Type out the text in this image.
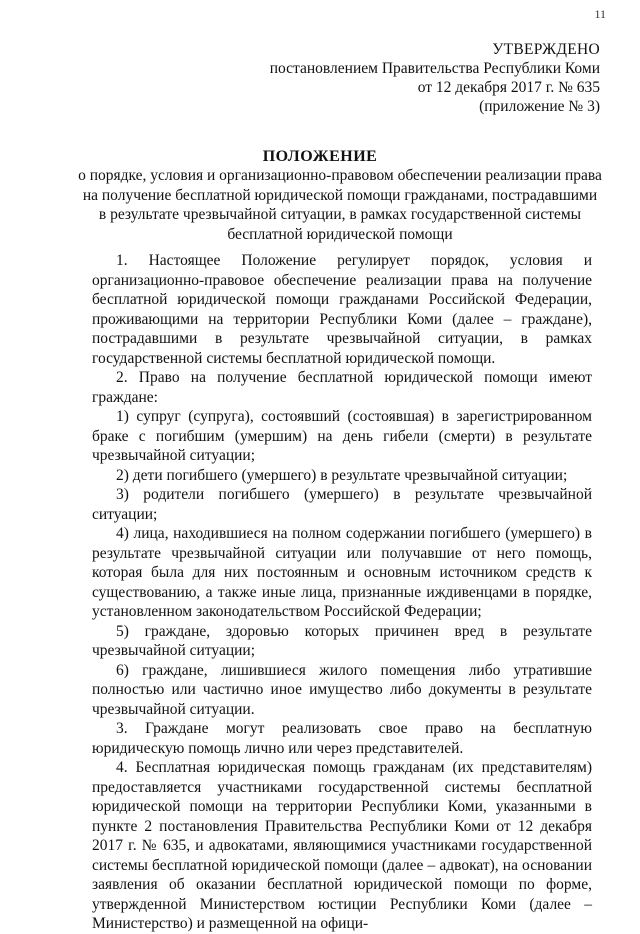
11
УТВЕРЖДЕНО
постановлением Правительства Республики Коми
от 12 декабря 2017 г. № 635
(приложение № 3)
ПОЛОЖЕНИЕ
о порядке, условия и организационно-правовом обеспечении реализации права
на получение бесплатной юридической помощи гражданами, пострадавшими
в результате чрезвычайной ситуации, в рамках государственной системы
бесплатной юридической помощи

1. Настоящее Положение регулирует порядок, условия и организационно-правовое обеспечение реализации права на получение бесплатной юридической помощи гражданами Российской Федерации, проживающими на территории Республики Коми (далее – граждане), пострадавшими в результате чрезвычайной ситуации, в рамках государственной системы бесплатной юридической помощи.

2. Право на получение бесплатной юридической помощи имеют граждане:

1) супруг (супруга), состоявший (состоявшая) в зарегистрированном браке с погибшим (умершим) на день гибели (смерти) в результате чрезвычайной ситуации;

2) дети погибшего (умершего) в результате чрезвычайной ситуации;

3) родители погибшего (умершего) в результате чрезвычайной ситуации;

4) лица, находившиеся на полном содержании погибшего (умершего) в результате чрезвычайной ситуации или получавшие от него помощь, которая была для них постоянным и основным источником средств к существованию, а также иные лица, признанные иждивенцами в порядке, установленном законодательством Российской Федерации;

5) граждане, здоровью которых причинен вред в результате чрезвычайной ситуации;

6) граждане, лишившиеся жилого помещения либо утратившие полностью или частично иное имущество либо документы в результате чрезвычайной ситуации.

3. Граждане могут реализовать свое право на бесплатную юридическую помощь лично или через представителей.

4. Бесплатная юридическая помощь гражданам (их представителям) предоставляется участниками государственной системы бесплатной юридической помощи на территории Республики Коми, указанными в пункте 2 постановления Правительства Республики Коми от 12 декабря 2017 г. № 635, и адвокатами, являющимися участниками государственной системы бесплатной юридической помощи (далее – адвокат), на основании заявления об оказании бесплатной юридической помощи по форме, утвержденной Министерством юстиции Республики Коми (далее – Министерство) и размещенной на офици-
